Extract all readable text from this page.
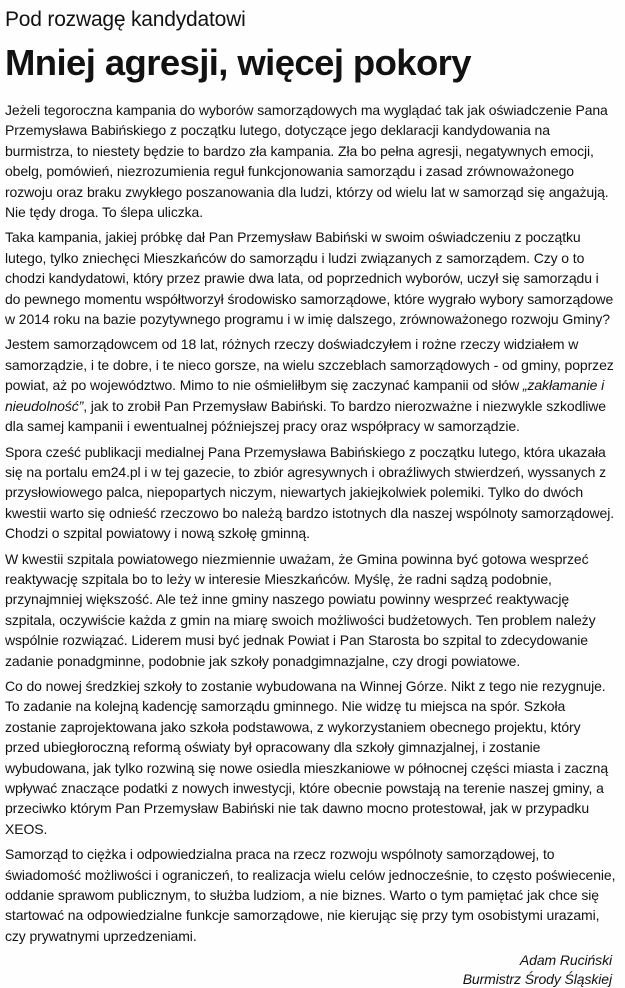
Pod rozwagę kandydatowi
Mniej agresji, więcej pokory

Jeżeli tegoroczna kampania do wyborów samorządowych ma wyglądać tak jak oświadczenie Pana Przemysława Babińskiego z początku lutego, dotyczące jego deklaracji kandydowania na burmistrza, to niestety będzie to bardzo zła kampania. Zła bo pełna agresji, negatywnych emocji, obelg, pomówień, niezrozumienia reguł funkcjonowania samorządu i zasad zrównoważonego rozwoju oraz braku zwykłego poszanowania dla ludzi, którzy od wielu lat w samorząd się angażują. Nie tędy droga. To ślepa uliczka.

Taka kampania, jakiej próbkę dał Pan Przemysław Babiński w swoim oświadczeniu z początku lutego, tylko zniechęci Mieszkańców do samorządu i ludzi związanych z samorządem. Czy o to chodzi kandydatowi, który przez prawie dwa lata, od poprzednich wyborów, uczył się samorządu i do pewnego momentu współtworzył środowisko samorządowe, które wygrało wybory samorządowe w 2014 roku na bazie pozytywnego programu i w imię dalszego, zrównoważonego rozwoju Gminy?

Jestem samorządowcem od 18 lat, różnych rzeczy doświadczyłem i rożne rzeczy widziałem w samorządzie, i te dobre, i te nieco gorsze, na wielu szczeblach samorządowych - od gminy, poprzez powiat, aż po województwo. Mimo to nie ośmieliłbym się zaczynać kampanii od słów „zakłamanie i nieudolność”, jak to zrobił Pan Przemysław Babiński. To bardzo nierozważne i niezwykle szkodliwe dla samej kampanii i ewentualnej późniejszej pracy oraz współpracy w samorządzie.

Spora cześć publikacji medialnej Pana Przemysława Babińskiego z początku lutego, która ukazała się na portalu em24.pl i w tej gazecie, to zbiór agresywnych i obraźliwych stwierdzeń, wyssanych z przysłowiowego palca, niepopartych niczym, niewartych jakiejkolwiek polemiki. Tylko do dwóch kwestii warto się odnieść rzeczowo bo należą bardzo istotnych dla naszej wspólnoty samorządowej. Chodzi o szpital powiatowy i nową szkołę gminną.

W kwestii szpitala powiatowego niezmiennie uważam, że Gmina powinna być gotowa wesprzeć reaktywację szpitala bo to leży w interesie Mieszkańców. Myślę, że radni sądzą podobnie, przynajmniej większość. Ale też inne gminy naszego powiatu powinny wesprzeć reaktywację szpitala, oczywiście każda z gmin na miarę swoich możliwości budżetowych. Ten problem należy wspólnie rozwiązać. Liderem musi być jednak Powiat i Pan Starosta bo szpital to zdecydowanie zadanie ponadgminne, podobnie jak szkoły ponadgimnazjalne, czy drogi powiatowe.

Co do nowej średzkiej szkoły to zostanie wybudowana na Winnej Górze. Nikt z tego nie rezygnuje. To zadanie na kolejną kadencję samorządu gminnego. Nie widzę tu miejsca na spór. Szkoła zostanie zaprojektowana jako szkoła podstawowa, z wykorzystaniem obecnego projektu, który przed ubiegłoroczną reformą oświaty był opracowany dla szkoły gimnazjalnej, i zostanie wybudowana, jak tylko rozwiną się nowe osiedla mieszkaniowe w północnej części miasta i zaczną wpływać znaczące podatki z nowych inwestycji, które obecnie powstają na terenie naszej gminy, a przeciwko którym Pan Przemysław Babiński nie tak dawno mocno protestował, jak w przypadku XEOS.

Samorząd to ciężka i odpowiedzialna praca na rzecz rozwoju wspólnoty samorządowej, to świadomość możliwości i ograniczeń, to realizacja wielu celów jednocześnie, to często poświecenie, oddanie sprawom publicznym, to służba ludziom, a nie biznes. Warto o tym pamiętać jak chce się startować na odpowiedzialne funkcje samorządowe, nie kierując się przy tym osobistymi urazami, czy prywatnymi uprzedzeniami.

Adam Ruciński
Burmistrz Środy Śląskiej
